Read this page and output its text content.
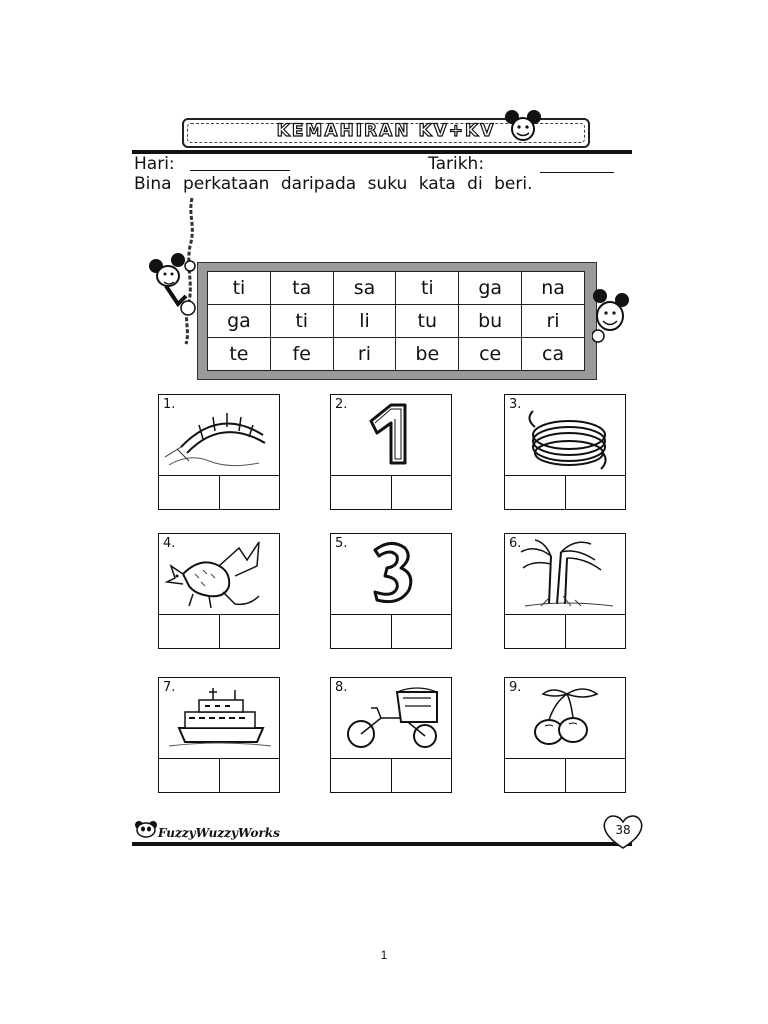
KEMAHIRAN KV+KV
Hari:	Tarikh:
Bina perkataan daripada suku kata di beri.
ti	ta	sa	ti	ga	na
ga	ti	li	tu	bu	ri
te	fe	ri	be	ce	ca
1.	2.	3.
4.	5.	6.
7.	8.	9.
FuzzyWuzzyWorks	38
1
